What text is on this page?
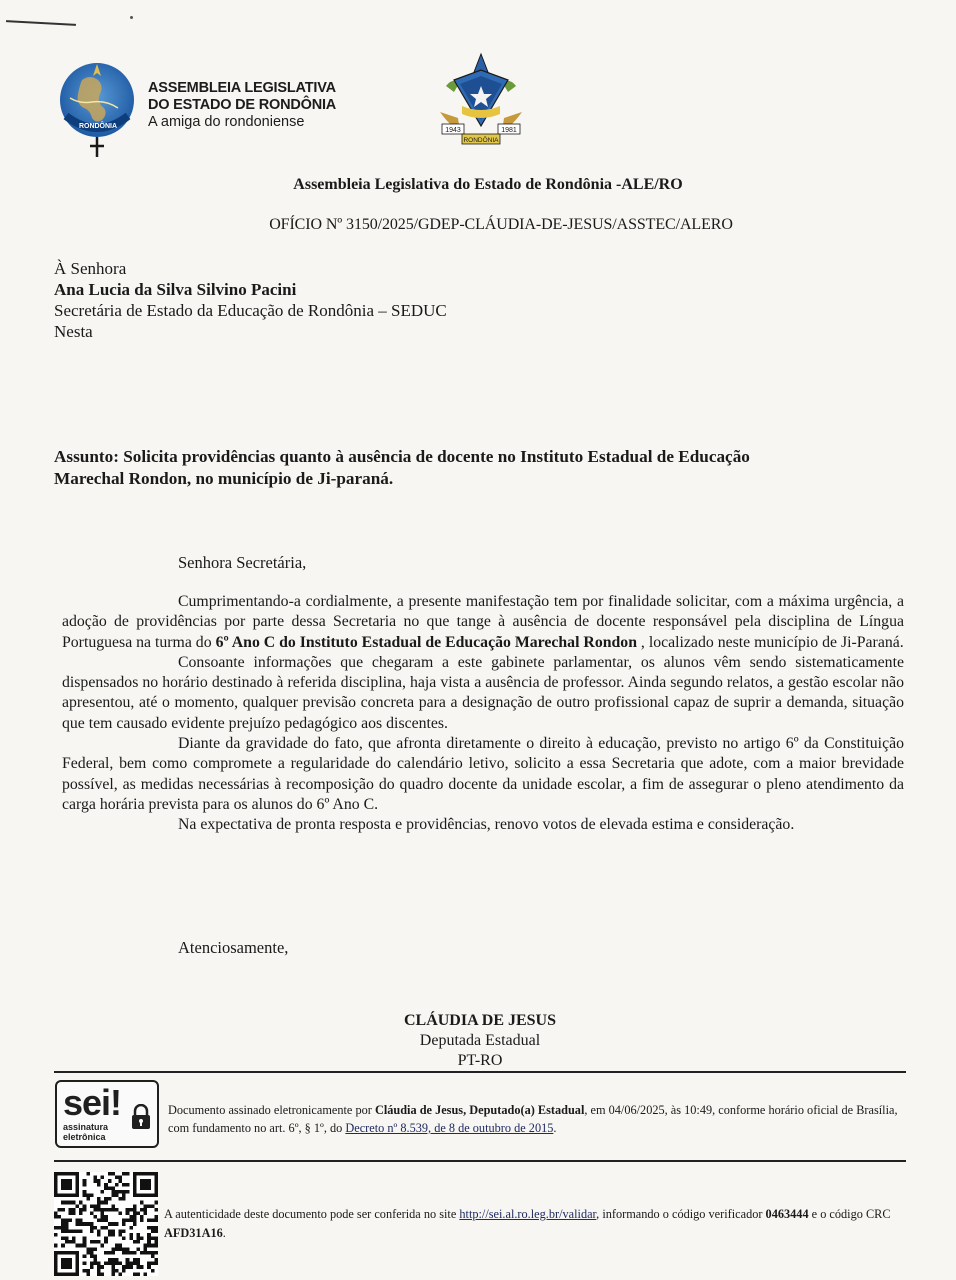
RONDÔNIA
ASSEMBLEIA LEGISLATIVA
DO ESTADO DE RONDÔNIA
A amiga do rondoniense
1943	1981
RONDÔNIA
Assembleia Legislativa do Estado de Rondônia -ALE/RO
OFÍCIO Nº 3150/2025/GDEP-CLÁUDIA-DE-JESUS/ASSTEC/ALERO
À Senhora
Ana Lucia da Silva Silvino Pacini
Secretária de Estado da Educação de Rondônia – SEDUC
Nesta
Assunto: Solicita providências quanto à ausência de docente no Instituto Estadual de Educação
Marechal Rondon, no município de Ji-paraná.
Senhora Secretária,

Cumprimentando-a cordialmente, a presente manifestação tem por finalidade solicitar, com a máxima urgência, a adoção de providências por parte dessa Secretaria no que tange à ausência de docente responsável pela disciplina de Língua Portuguesa na turma do 6º Ano C do Instituto Estadual de Educação Marechal Rondon , localizado neste município de Ji-Paraná.

Consoante informações que chegaram a este gabinete parlamentar, os alunos vêm sendo sistematicamente dispensados no horário destinado à referida disciplina, haja vista a ausência de professor. Ainda segundo relatos, a gestão escolar não apresentou, até o momento, qualquer previsão concreta para a designação de outro profissional capaz de suprir a demanda, situação que tem causado evidente prejuízo pedagógico aos discentes.

Diante da gravidade do fato, que afronta diretamente o direito à educação, previsto no artigo 6º da Constituição Federal, bem como compromete a regularidade do calendário letivo, solicito a essa Secretaria que adote, com a maior brevidade possível, as medidas necessárias à recomposição do quadro docente da unidade escolar, a fim de assegurar o pleno atendimento da carga horária prevista para os alunos do 6º Ano C.

Na expectativa de pronta resposta e providências, renovo votos de elevada estima e consideração.

Atenciosamente,
CLÁUDIA DE JESUS
Deputada Estadual
PT-RO
sei!
assinatura
eletrônica
Documento assinado eletronicamente por Cláudia de Jesus, Deputado(a) Estadual, em 04/06/2025, às 10:49, conforme horário oficial de Brasília, com fundamento no art. 6º, § 1º, do Decreto nº 8.539, de 8 de outubro de 2015.
A autenticidade deste documento pode ser conferida no site http://sei.al.ro.leg.br/validar, informando o código verificador 0463444 e o código CRC AFD31A16.
